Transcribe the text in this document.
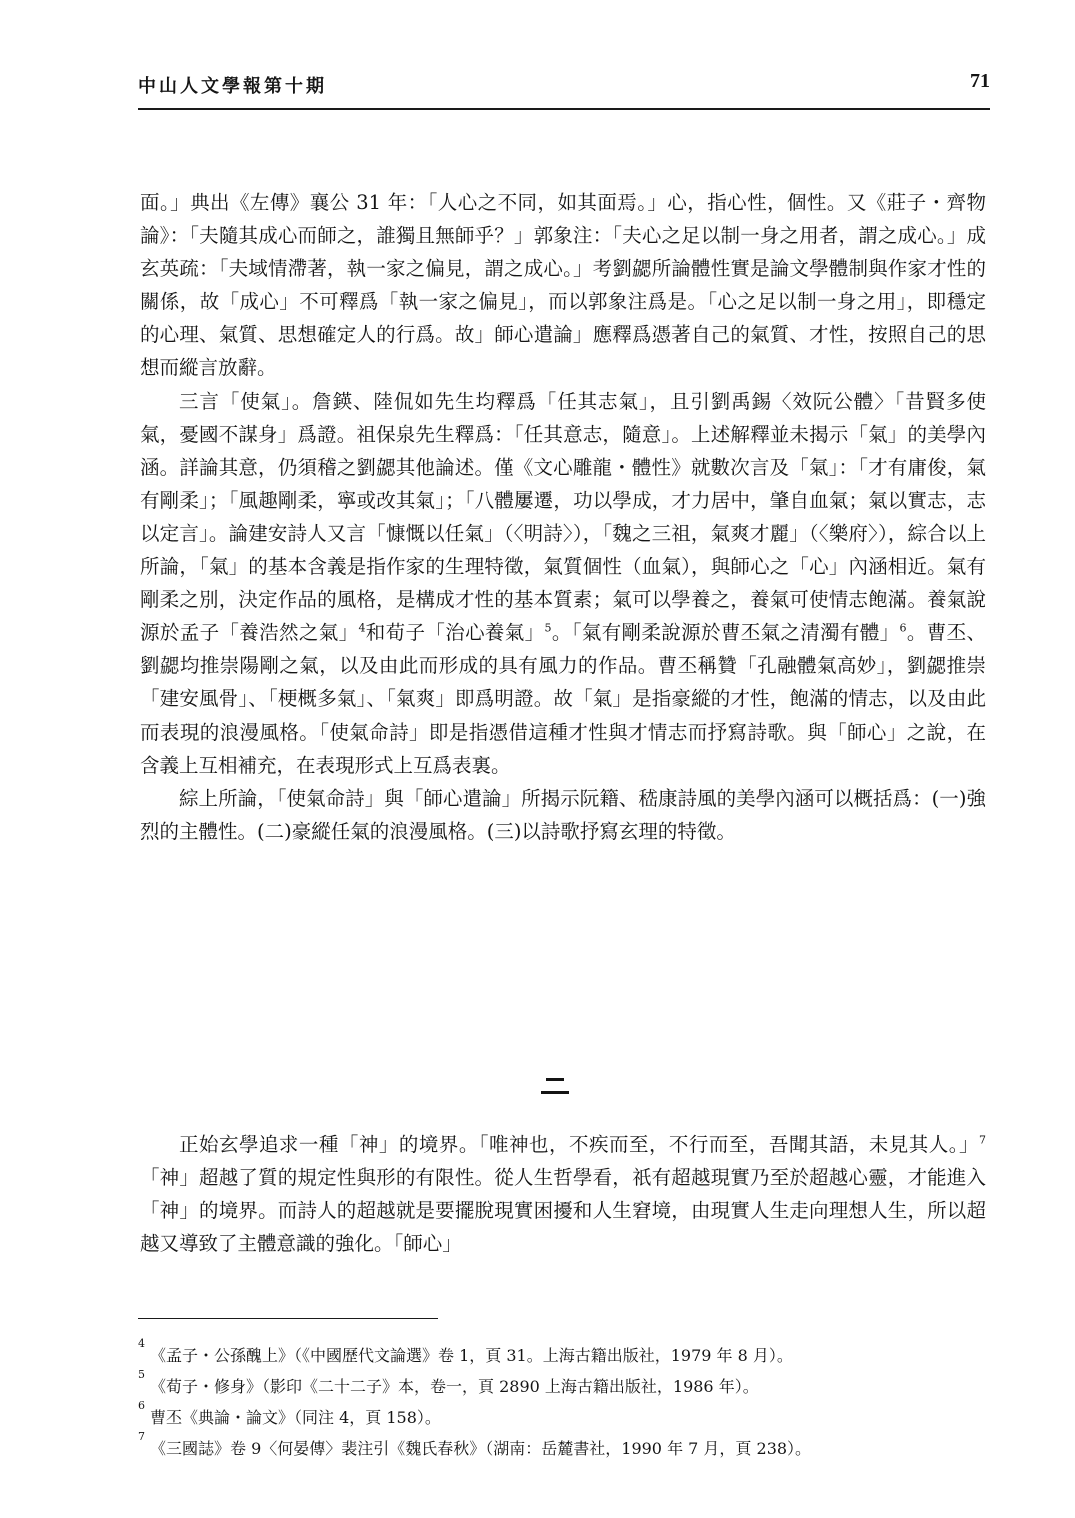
中山人文學報第十期	71

面。」典出《左傳》襄公 31 年：「人心之不同，如其面焉。」心，指心性，個性。又《莊子・齊物論》：「夫隨其成心而師之，誰獨且無師乎？」郭象注：「夫心之足以制一身之用者，謂之成心。」成玄英疏：「夫域情滯著，執一家之偏見，謂之成心。」考劉勰所論體性實是論文學體制與作家才性的關係，故「成心」不可釋爲「執一家之偏見」，而以郭象注爲是。「心之足以制一身之用」，即穩定的心理、氣質、思想確定人的行爲。故」師心遣論」應釋爲憑著自己的氣質、才性，按照自己的思想而縱言放辭。

三言「使氣」。詹鍈、陸侃如先生均釋爲「任其志氣」，且引劉禹錫〈效阮公體〉「昔賢多使氣，憂國不謀身」爲證。祖保泉先生釋爲：「任其意志，隨意」。上述解釋並未揭示「氣」的美學內涵。詳論其意，仍須稽之劉勰其他論述。僅《文心雕龍・體性》就數次言及「氣」：「才有庸俊，氣有剛柔」；「風趣剛柔，寧或改其氣」；「八體屢遷，功以學成，才力居中，肇自血氣；氣以實志，志以定言」。論建安詩人又言「慷慨以任氣」（〈明詩〉），「魏之三祖，氣爽才麗」（〈樂府〉），綜合以上所論，「氣」的基本含義是指作家的生理特徵，氣質個性（血氣），與師心之「心」內涵相近。氣有剛柔之別，決定作品的風格，是構成才性的基本質素；氣可以學養之，養氣可使情志飽滿。養氣說源於孟子「養浩然之氣」$^4$和荀子「治心養氣」$^5$。「氣有剛柔說源於曹丕氣之清濁有體」$^6$。曹丕、劉勰均推崇陽剛之氣，以及由此而形成的具有風力的作品。曹丕稱贊「孔融體氣高妙」，劉勰推崇「建安風骨」、「梗概多氣」、「氣爽」即爲明證。故「氣」是指豪縱的才性，飽滿的情志，以及由此而表現的浪漫風格。「使氣命詩」即是指憑借這種才性與才情志而抒寫詩歌。與「師心」之說，在含義上互相補充，在表現形式上互爲表裏。

綜上所論，「使氣命詩」與「師心遣論」所揭示阮籍、嵇康詩風的美學內涵可以概括爲：(一)強烈的主體性。(二)豪縱任氣的浪漫風格。(三)以詩歌抒寫玄理的特徵。

正始玄學追求一種「神」的境界。「唯神也，不疾而至，不行而至，吾聞其語，未見其人。」$^7$「神」超越了質的規定性與形的有限性。從人生哲學看，祇有超越現實乃至於超越心靈，才能進入「神」的境界。而詩人的超越就是要擺脫現實困擾和人生窘境，由現實人生走向理想人生，所以超越又導致了主體意識的強化。「師心」

4
《孟子・公孫醜上》（《中國歷代文論選》卷 1，頁 31。上海古籍出版社，1979 年 8 月）。
5
《荀子・修身》（影印《二十二子》本，卷一，頁 2890 上海古籍出版社，1986 年）。
6
曹丕《典論・論文》（同注 4，頁 158）。
7
《三國誌》卷 9〈何晏傳〉裴注引《魏氏春秋》（湖南：岳麓書社，1990 年 7 月，頁 238）。
